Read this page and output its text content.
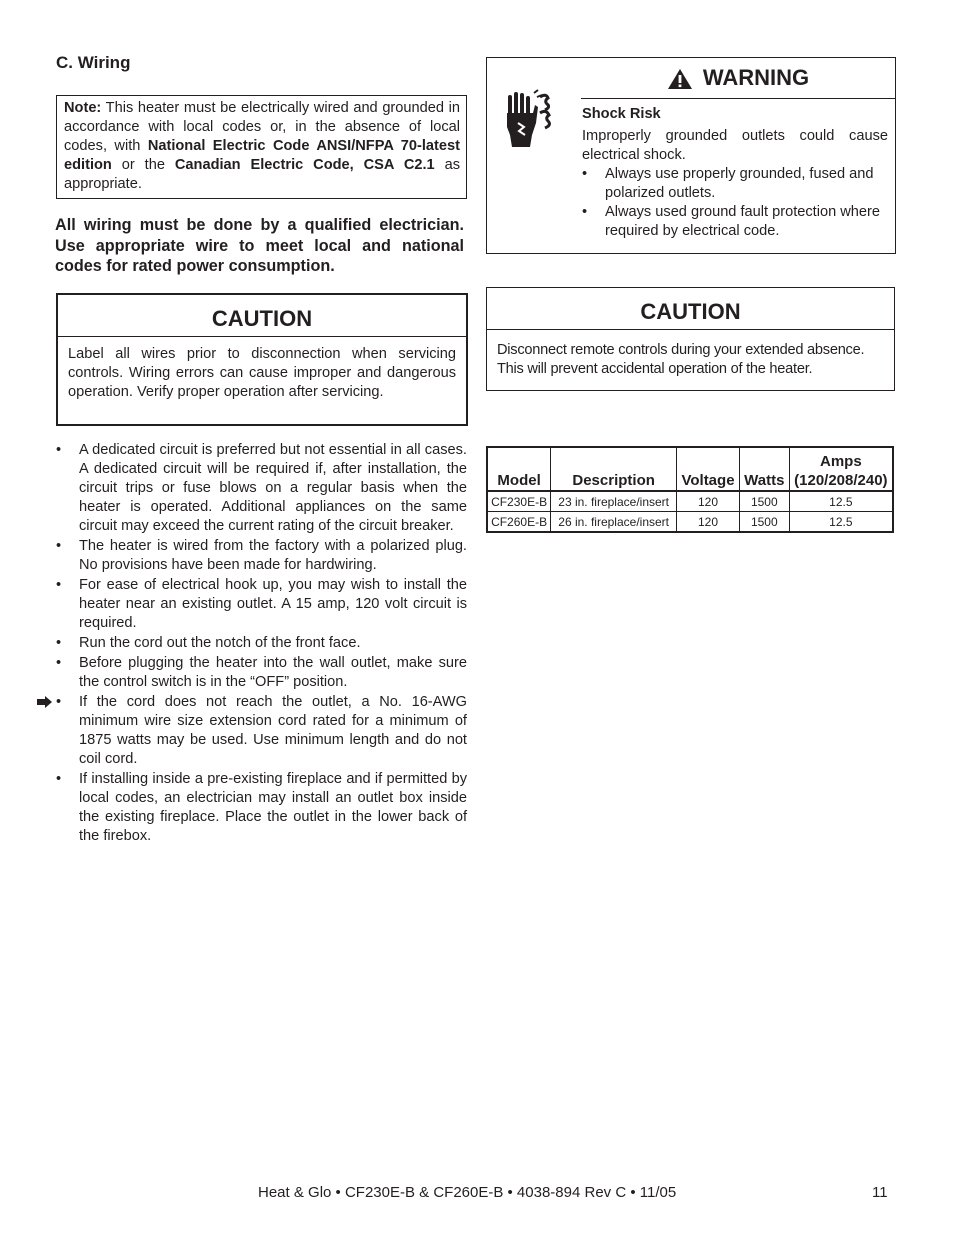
C. Wiring
Note: This heater must be electrically wired and grounded in accordance with local codes or, in the absence of local codes, with National Electric Code ANSI/NFPA 70-latest edition or the Canadian Electric Code, CSA C2.1 as appropriate.
All wiring must be done by a qualified electrician. Use appropriate wire to meet local and national codes for rated power consumption.
CAUTION
Label all wires prior to disconnection when servicing controls. Wiring errors can cause improper and dangerous operation. Verify proper operation after servicing.
WARNING
Shock Risk
Improperly grounded outlets could cause electrical shock.
• Always use properly grounded, fused and polarized outlets.
• Always used ground fault protection where required by electrical code.
CAUTION
Disconnect remote controls during your extended absence. This will prevent accidental operation of the heater.
Model	Description	Voltage	Watts	Amps
(120/208/240)
CF230E-B	23 in. fireplace/insert	120	1500	12.5
CF260E-B	26 in. fireplace/insert	120	1500	12.5
• A dedicated circuit is preferred but not essential in all cases. A dedicated circuit will be required if, after installation, the circuit trips or fuse blows on a regular basis when the heater is operated. Additional appliances on the same circuit may exceed the current rating of the circuit breaker.
• The heater is wired from the factory with a polarized plug. No provisions have been made for hardwiring.
• For ease of electrical hook up, you may wish to install the heater near an existing outlet. A 15 amp, 120 volt circuit is required.
• Run the cord out the notch of the front face.
• Before plugging the heater into the wall outlet, make sure the control switch is in the “OFF” position.
• If the cord does not reach the outlet, a No. 16-AWG minimum wire size extension cord rated for a minimum of 1875 watts may be used. Use minimum length and do not coil cord.
• If installing inside a pre-existing fireplace and if permitted by local codes, an electrician may install an outlet box inside the existing fireplace. Place the outlet in the lower back of the firebox.
Heat & Glo • CF230E-B & CF260E-B • 4038-894 Rev C • 11/05	11
